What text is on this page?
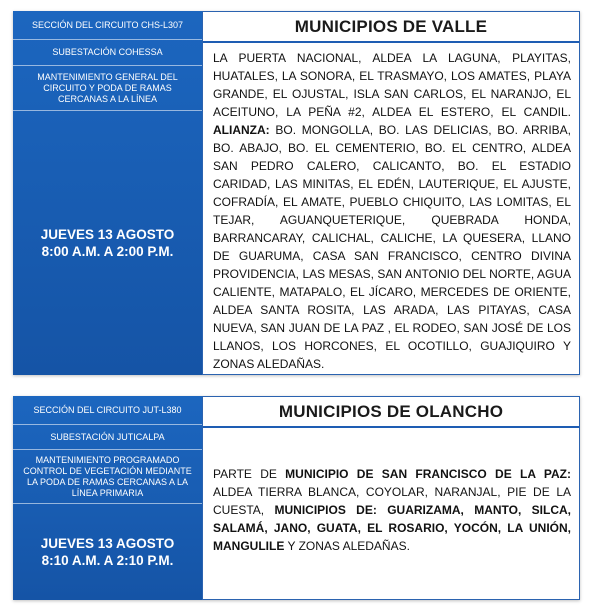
SECCIÓN DEL CIRCUITO CHS-L307
SUBESTACIÓN COHESSA
MANTENIMIENTO GENERAL DEL CIRCUITO Y PODA DE RAMAS CERCANAS A LA LÍNEA
JUEVES 13 AGOSTO
8:00 A.M. A 2:00 P.M.
MUNICIPIOS DE VALLE
LA PUERTA NACIONAL, ALDEA LA LAGUNA, PLAYITAS, HUATALES, LA SONORA, EL TRASMAYO, LOS AMATES, PLAYA GRANDE, EL OJUSTAL, ISLA SAN CARLOS, EL NARANJO, EL ACEITUNO, LA PEÑA #2, ALDEA EL ESTERO, EL CANDIL. ALIANZA: BO. MONGOLLA, BO. LAS DELICIAS, BO. ARRIBA, BO. ABAJO, BO. EL CEMENTERIO, BO. EL CENTRO, ALDEA SAN PEDRO CALERO, CALICANTO, BO. EL ESTADIO CARIDAD, LAS MINITAS, EL EDÉN, LAUTERIQUE, EL AJUSTE, COFRADÍA, EL AMATE, PUEBLO CHIQUITO, LAS LOMITAS, EL TEJAR, AGUANQUETERIQUE, QUEBRADA HONDA, BARRANCARAY, CALICHAL, CALICHE, LA QUESERA, LLANO DE GUARUMA, CASA SAN FRANCISCO, CENTRO DIVINA PROVIDENCIA, LAS MESAS, SAN ANTONIO DEL NORTE, AGUA CALIENTE, MATAPALO, EL JÍCARO, MERCEDES DE ORIENTE, ALDEA SANTA ROSITA, LAS ARADA, LAS PITAYAS, CASA NUEVA, SAN JUAN DE LA PAZ , EL RODEO, SAN JOSÉ DE LOS LLANOS, LOS HORCONES, EL OCOTILLO, GUAJIQUIRO Y ZONAS ALEDAÑAS.
SECCIÓN DEL CIRCUITO JUT-L380
SUBESTACIÓN JUTICALPA
MANTENIMIENTO PROGRAMADO CONTROL DE VEGETACIÓN MEDIANTE LA PODA DE RAMAS CERCANAS A LA LÍNEA PRIMARIA
JUEVES 13 AGOSTO
8:10 A.M. A 2:10 P.M.
MUNICIPIOS DE OLANCHO
PARTE DE MUNICIPIO DE SAN FRANCISCO DE LA PAZ: ALDEA TIERRA BLANCA, COYOLAR, NARANJAL, PIE DE LA CUESTA, MUNICIPIOS DE: GUARIZAMA, MANTO, SILCA, SALAMÁ, JANO, GUATA, EL ROSARIO, YOCÓN, LA UNIÓN, MANGULILE Y ZONAS ALEDAÑAS.
